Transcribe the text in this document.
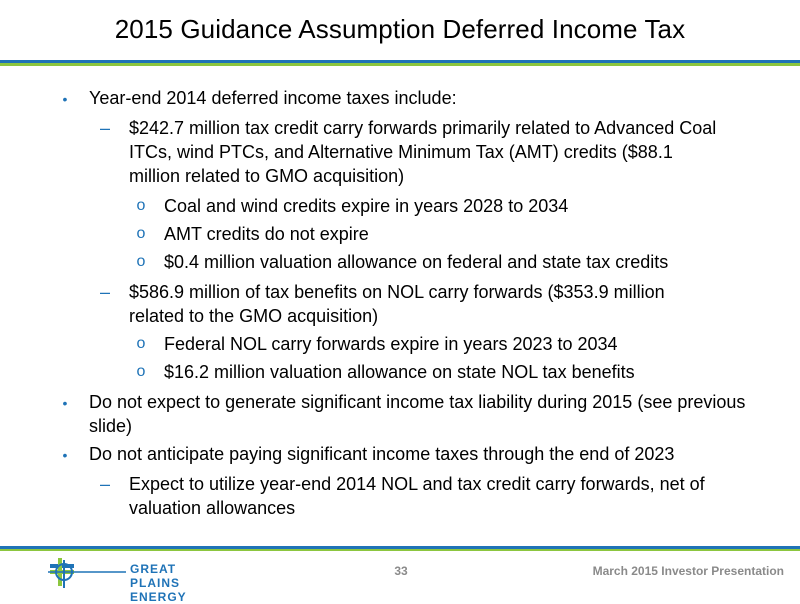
2015 Guidance Assumption Deferred Income Tax
• Year-end 2014 deferred income taxes include:
– $242.7 million tax credit carry forwards primarily related to Advanced Coal ITCs, wind PTCs, and Alternative Minimum Tax (AMT) credits ($88.1 million related to GMO acquisition)
o Coal and wind credits expire in years 2028 to 2034
o AMT credits do not expire
o $0.4 million valuation allowance on federal and state tax credits
– $586.9 million of tax benefits on NOL carry forwards ($353.9 million related to the GMO acquisition)
o Federal NOL carry forwards expire in years 2023 to 2034
o $16.2 million valuation allowance on state NOL tax benefits
• Do not expect to generate significant income tax liability during 2015 (see previous slide)
• Do not anticipate paying significant income taxes through the end of 2023
– Expect to utilize year-end 2014 NOL and tax credit carry forwards, net of valuation allowances
GREAT PLAINS ENERGY
33	March 2015 Investor Presentation
